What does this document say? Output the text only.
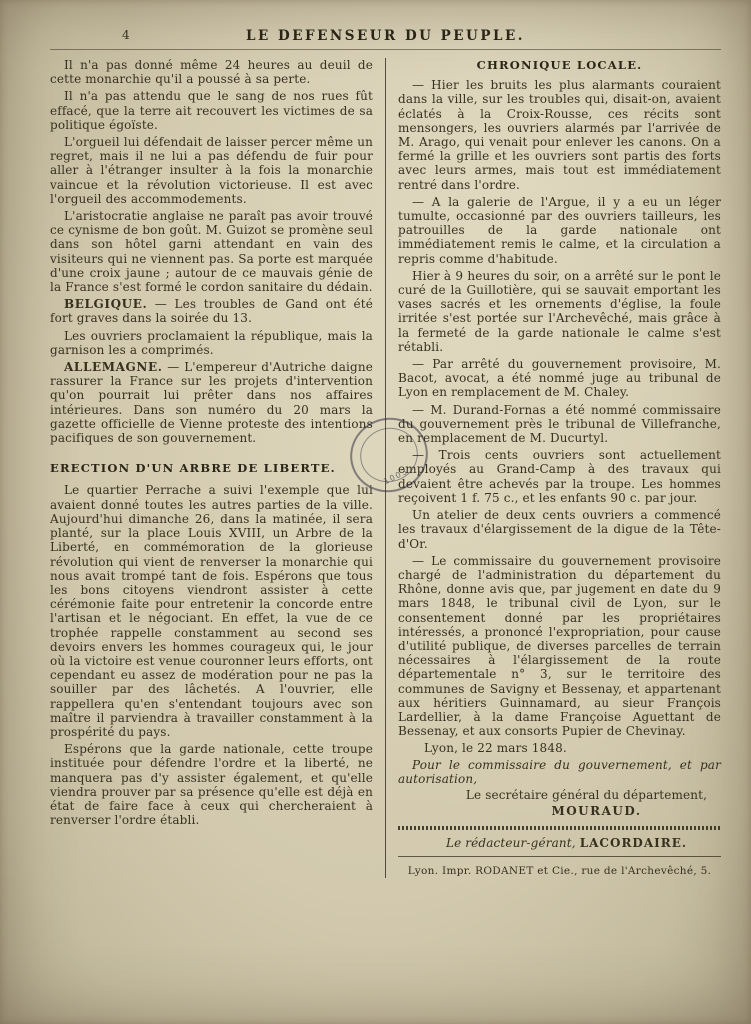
4	LE DEFENSEUR DU PEUPLE.

Il n'a pas donné même 24 heures au deuil de cette monarchie qu'il a poussé à sa perte.

Il n'a pas attendu que le sang de nos rues fût effacé, que la terre ait recouvert les victimes de sa politique égoïste.

L'orgueil lui défendait de laisser percer même un regret, mais il ne lui a pas défendu de fuir pour aller à l'étranger insulter à la fois la monarchie vaincue et la révolution victorieuse. Il est avec l'orgueil des accommodements.

L'aristocratie anglaise ne paraît pas avoir trouvé ce cynisme de bon goût. M. Guizot se promène seul dans son hôtel garni attendant en vain des visiteurs qui ne viennent pas. Sa porte est marquée d'une croix jaune ; autour de ce mauvais génie de la France s'est formé le cordon sanitaire du dédain.

BELGIQUE. — Les troubles de Gand ont été fort graves dans la soirée du 13.

Les ouvriers proclamaient la république, mais la garnison les a comprimés.

ALLEMAGNE. — L'empereur d'Autriche daigne rassurer la France sur les projets d'intervention qu'on pourrait lui prêter dans nos affaires intérieures. Dans son numéro du 20 mars la gazette officielle de Vienne proteste des intentions pacifiques de son gouvernement.

ERECTION D'UN ARBRE DE LIBERTE.

Le quartier Perrache a suivi l'exemple que lui avaient donné toutes les autres parties de la ville. Aujourd'hui dimanche 26, dans la matinée, il sera planté, sur la place Louis XVIII, un Arbre de la Liberté, en commémoration de la glorieuse révolution qui vient de renverser la monarchie qui nous avait trompé tant de fois. Espérons que tous les bons citoyens viendront assister à cette cérémonie faite pour entretenir la concorde entre l'artisan et le négociant. En effet, la vue de ce trophée rappelle constamment au second ses devoirs envers les hommes courageux qui, le jour où la victoire est venue couronner leurs efforts, ont cependant eu assez de modération pour ne pas la souiller par des lâchetés. A l'ouvrier, elle rappellera qu'en s'entendant toujours avec son maître il parviendra à travailler constamment à la prospérité du pays.

Espérons que la garde nationale, cette troupe instituée pour défendre l'ordre et la liberté, ne manquera pas d'y assister également, et qu'elle viendra prouver par sa présence qu'elle est déjà en état de faire face à ceux qui chercheraient à renverser l'ordre établi.

CHRONIQUE LOCALE.

— Hier les bruits les plus alarmants couraient dans la ville, sur les troubles qui, disait-on, avaient éclatés à la Croix-Rousse, ces récits sont mensongers, les ouvriers alarmés par l'arrivée de M. Arago, qui venait pour enlever les canons. On a fermé la grille et les ouvriers sont partis des forts avec leurs armes, mais tout est immédiatement rentré dans l'ordre.

— A la galerie de l'Argue, il y a eu un léger tumulte, occasionné par des ouvriers tailleurs, les patrouilles de la garde nationale ont immédiatement remis le calme, et la circulation a repris comme d'habitude.

Hier à 9 heures du soir, on a arrêté sur le pont le curé de la Guillotière, qui se sauvait emportant les vases sacrés et les ornements d'église, la foule irritée s'est portée sur l'Archevêché, mais grâce à la fermeté de la garde nationale le calme s'est rétabli.

— Par arrêté du gouvernement provisoire, M. Bacot, avocat, a été nommé juge au tribunal de Lyon en remplacement de M. Chaley.

— M. Durand-Fornas a été nommé commissaire du gouvernement près le tribunal de Villefranche, en remplacement de M. Ducurtyl.

— Trois cents ouvriers sont actuellement employés au Grand-Camp à des travaux qui devaient être achevés par la troupe. Les hommes reçoivent 1 f. 75 c., et les enfants 90 c. par jour.

Un atelier de deux cents ouvriers a commencé les travaux d'élargissement de la digue de la Tête-d'Or.

— Le commissaire du gouvernement provisoire chargé de l'administration du département du Rhône, donne avis que, par jugement en date du 9 mars 1848, le tribunal civil de Lyon, sur le consentement donné par les propriétaires intéressés, a prononcé l'expropriation, pour cause d'utilité publique, de diverses parcelles de terrain nécessaires à l'élargissement de la route départementale n° 3, sur le territoire des communes de Savigny et Bessenay, et appartenant aux héritiers Guinnamard, au sieur François Lardellier, à la dame Françoise Aguettant de Bessenay, et aux consorts Pupier de Chevinay.

Lyon, le 22 mars 1848.

Pour le commissaire du gouvernement, et par autorisation,

Le secrétaire général du département,

MOURAUD.

Le rédacteur-gérant, LACORDAIRE.

Lyon. Impr. RODANET et Cie., rue de l'Archevêché, 5.

1003
